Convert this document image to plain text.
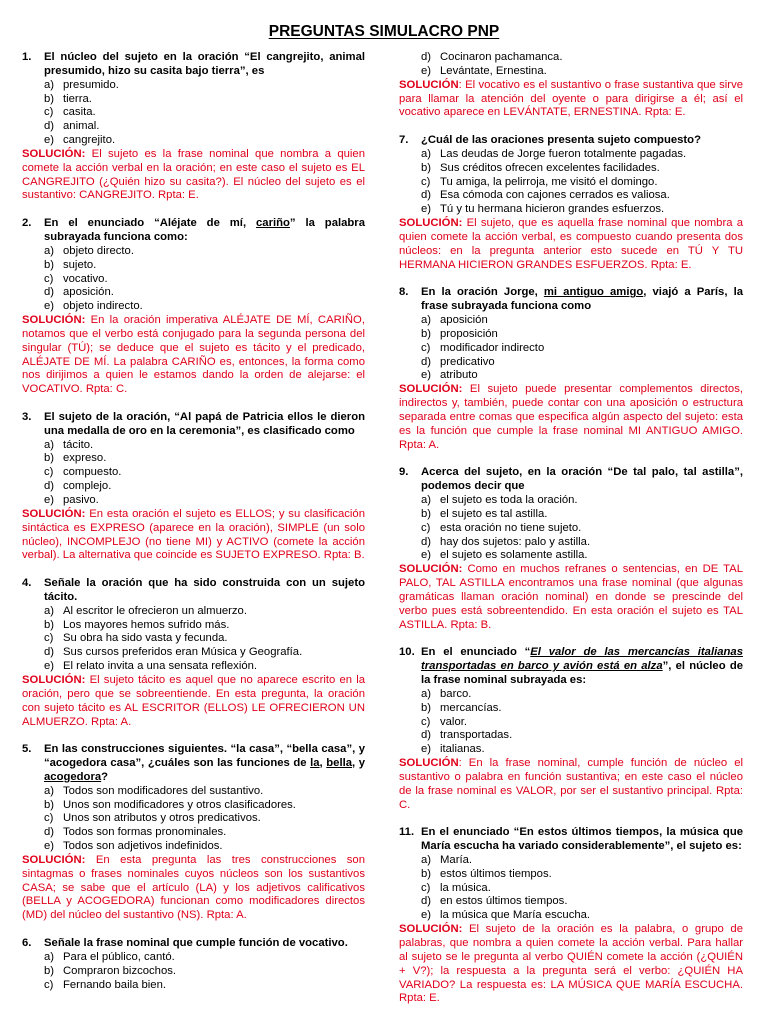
PREGUNTAS SIMULACRO PNP
1.	El núcleo del sujeto en la oración “El cangrejito, animal presumido, hizo su casita bajo tierra”, es
a) presumido.
b) tierra.
c) casita.
d) animal.
e) cangrejito.
SOLUCIÓN: El sujeto es la frase nominal que nombra a quien comete la acción verbal en la oración; en este caso el sujeto es EL CANGREJITO (¿Quién hizo su casita?). El núcleo del sujeto es el sustantivo: CANGREJITO. Rpta: E.
2.	En el enunciado “Aléjate de mí, cariño” la palabra subrayada funciona como:
a) objeto directo.
b) sujeto.
c) vocativo.
d) aposición.
e) objeto indirecto.
SOLUCIÓN: En la oración imperativa ALÉJATE DE MÍ, CARIÑO, notamos que el verbo está conjugado para la segunda persona del singular (TÚ); se deduce que el sujeto es tácito y el predicado, ALÉJATE DE MÍ. La palabra CARIÑO es, entonces, la forma como nos dirijimos a quien le estamos dando la orden de alejarse: el VOCATIVO. Rpta: C.
3.	El sujeto de la oración, “Al papá de Patricia ellos le dieron una medalla de oro en la ceremonia”, es clasificado como
a) tácito.
b) expreso.
c) compuesto.
d) complejo.
e) pasivo.
SOLUCIÓN: En esta oración el sujeto es ELLOS; y su clasificación sintáctica es EXPRESO (aparece en la oración), SIMPLE (un solo núcleo), INCOMPLEJO (no tiene MI) y ACTIVO (comete la acción verbal). La alternativa que coincide es SUJETO EXPRESO. Rpta: B.
4.	Señale la oración que ha sido construida con un sujeto tácito.
a) Al escritor le ofrecieron un almuerzo.
b) Los mayores hemos sufrido más.
c) Su obra ha sido vasta y fecunda.
d) Sus cursos preferidos eran Música y Geografía.
e) El relato invita a una sensata reflexión.
SOLUCIÓN: El sujeto tácito es aquel que no aparece escrito en la oración, pero que se sobreentiende. En esta pregunta, la oración con sujeto tácito es AL ESCRITOR (ELLOS) LE OFRECIERON UN ALMUERZO. Rpta: A.
5.	En las construcciones siguientes. “la casa”, “bella casa”, y “acogedora casa”, ¿cuáles son las funciones de la, bella, y acogedora?
a) Todos son modificadores del sustantivo.
b) Unos son modificadores y otros clasificadores.
c) Unos son atributos y otros predicativos.
d) Todos son formas pronominales.
e) Todos son adjetivos indefinidos.
SOLUCIÓN: En esta pregunta las tres construcciones son sintagmas o frases nominales cuyos núcleos son los sustantivos CASA; se sabe que el artículo (LA) y los adjetivos calificativos (BELLA y ACOGEDORA) funcionan como modificadores directos (MD) del núcleo del sustantivo (NS). Rpta: A.
6.	Señale la frase nominal que cumple función de vocativo.
a) Para el público, cantó.
b) Compraron bizcochos.
c) Fernando baila bien.
d) Cocinaron pachamanca.
e) Levántate, Ernestina.
SOLUCIÓN: El vocativo es el sustantivo o frase sustantiva que sirve para llamar la atención del oyente o para dirigirse a él; así el vocativo aparece en LEVÁNTATE, ERNESTINA. Rpta: E.
7.	¿Cuál de las oraciones presenta sujeto compuesto?
a) Las deudas de Jorge fueron totalmente pagadas.
b) Sus créditos ofrecen excelentes facilidades.
c) Tu amiga, la pelirroja, me visitó el domingo.
d) Esa cómoda con cajones cerrados es valiosa.
e) Tú y tu hermana hicieron grandes esfuerzos.
SOLUCIÓN: El sujeto, que es aquella frase nominal que nombra a quien comete la acción verbal, es compuesto cuando presenta dos núcleos: en la pregunta anterior esto sucede en TÚ Y TU HERMANA HICIERON GRANDES ESFUERZOS. Rpta: E.
8.	En la oración Jorge, mi antiguo amigo, viajó a París, la frase subrayada funciona como
a) aposición
b) proposición
c) modificador indirecto
d) predicativo
e) atributo
SOLUCIÓN: El sujeto puede presentar complementos directos, indirectos y, también, puede contar con una aposición o estructura separada entre comas que especifica algún aspecto del sujeto: esta es la función que cumple la frase nominal MI ANTIGUO AMIGO. Rpta: A.
9.	Acerca del sujeto, en la oración “De tal palo, tal astilla”, podemos decir que
a) el sujeto es toda la oración.
b) el sujeto es tal astilla.
c) esta oración no tiene sujeto.
d) hay dos sujetos: palo y astilla.
e) el sujeto es solamente astilla.
SOLUCIÓN: Como en muchos refranes o sentencias, en DE TAL PALO, TAL ASTILLA encontramos una frase nominal (que algunas gramáticas llaman oración nominal) en donde se prescinde del verbo pues está sobreentendido. En esta oración el sujeto es TAL ASTILLA. Rpta: B.
10. En el enunciado “El valor de las mercancías italianas transportadas en barco y avión está en alza”, el núcleo de la frase nominal subrayada es:
a) barco.
b) mercancías.
c) valor.
d) transportadas.
e) italianas.
SOLUCIÓN: En la frase nominal, cumple función de núcleo el sustantivo o palabra en función sustantiva; en este caso el núcleo de la frase nominal es VALOR, por ser el sustantivo principal. Rpta: C.
11. En el enunciado “En estos últimos tiempos, la música que María escucha ha variado considerablemente”, el sujeto es:
a) María.
b) estos últimos tiempos.
c) la música.
d) en estos últimos tiempos.
e) la música que María escucha.
SOLUCIÓN: El sujeto de la oración es la palabra, o grupo de palabras, que nombra a quien comete la acción verbal. Para hallar al sujeto se le pregunta al verbo QUIÉN comete la acción (¿QUIÉN + V?); la respuesta a la pregunta será el verbo: ¿QUIÉN HA VARIADO? La respuesta es: LA MÚSICA QUE MARÍA ESCUCHA. Rpta: E.
